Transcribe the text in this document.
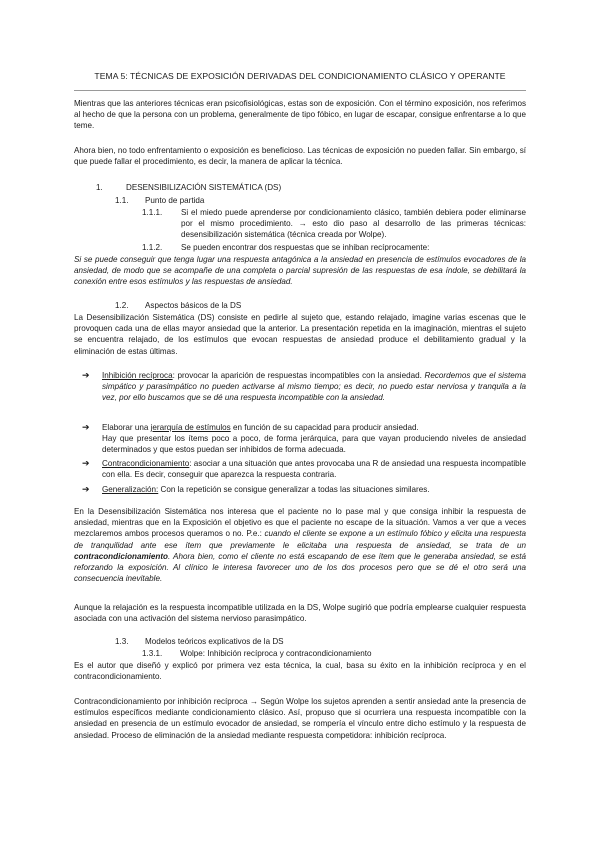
TEMA 5: TÉCNICAS DE EXPOSICIÓN DERIVADAS DEL CONDICIONAMIENTO CLÁSICO Y OPERANTE
Mientras que las anteriores técnicas eran psicofisiológicas, estas son de exposición. Con el término exposición, nos referimos al hecho de que la persona con un problema, generalmente de tipo fóbico, en lugar de escapar, consigue enfrentarse a lo que teme.
Ahora bien, no todo enfrentamiento o exposición es beneficioso. Las técnicas de exposición no pueden fallar. Sin embargo, sí que puede fallar el procedimiento, es decir, la manera de aplicar la técnica.
1.	DESENSIBILIZACIÓN SISTEMÁTICA (DS)
1.1. Punto de partida
1.1.1. Si el miedo puede aprenderse por condicionamiento clásico, también debiera poder eliminarse por el mismo procedimiento. → esto dio paso al desarrollo de las primeras técnicas: desensibilización sistemática (técnica creada por Wolpe).
1.1.2. Se pueden encontrar dos respuestas que se inhiban recíprocamente:
Si se puede conseguir que tenga lugar una respuesta antagónica a la ansiedad en presencia de estímulos evocadores de la ansiedad, de modo que se acompañe de una completa o parcial supresión de las respuestas de esa índole, se debilitará la conexión entre esos estímulos y las respuestas de ansiedad.
1.2. Aspectos básicos de la DS
La Desensibilización Sistemática (DS) consiste en pedirle al sujeto que, estando relajado, imagine varias escenas que le provoquen cada una de ellas mayor ansiedad que la anterior. La presentación repetida en la imaginación, mientras el sujeto se encuentra relajado, de los estímulos que evocan respuestas de ansiedad produce el debilitamiento gradual y la eliminación de estas últimas.
➔ Inhibición recíproca: provocar la aparición de respuestas incompatibles con la ansiedad. Recordemos que el sistema simpático y parasimpático no pueden activarse al mismo tiempo; es decir, no puedo estar nerviosa y tranquila a la vez, por ello buscamos que se dé una respuesta incompatible con la ansiedad.
➔ Elaborar una jerarquía de estímulos en función de su capacidad para producir ansiedad.
Hay que presentar los ítems poco a poco, de forma jerárquica, para que vayan produciendo niveles de ansiedad determinados y que estos puedan ser inhibidos de forma adecuada.
➔ Contracondicionamiento: asociar a una situación que antes provocaba una R de ansiedad una respuesta incompatible con ella. Es decir, conseguir que aparezca la respuesta contraria.
➔ Generalización: Con la repetición se consigue generalizar a todas las situaciones similares.
En la Desensibilización Sistemática nos interesa que el paciente no lo pase mal y que consiga inhibir la respuesta de ansiedad, mientras que en la Exposición el objetivo es que el paciente no escape de la situación. Vamos a ver que a veces mezclaremos ambos procesos queramos o no. P.e.: cuando el cliente se expone a un estímulo fóbico y elicita una respuesta de tranquilidad ante ese ítem que previamente le elicitaba una respuesta de ansiedad, se trata de un contracondicionamiento. Ahora bien, como el cliente no está escapando de ese ítem que le generaba ansiedad, se está reforzando la exposición. Al clínico le interesa favorecer uno de los dos procesos pero que se dé el otro será una consecuencia inevitable.
Aunque la relajación es la respuesta incompatible utilizada en la DS, Wolpe sugirió que podría emplearse cualquier respuesta asociada con una activación del sistema nervioso parasimpático.
1.3. Modelos teóricos explicativos de la DS
1.3.1. Wolpe: Inhibición recíproca y contracondicionamiento
Es el autor que diseñó y explicó por primera vez esta técnica, la cual, basa su éxito en la inhibición recíproca y en el contracondicionamiento.
Contracondicionamiento por inhibición recíproca → Según Wolpe los sujetos aprenden a sentir ansiedad ante la presencia de estímulos específicos mediante condicionamiento clásico. Así, propuso que si ocurriera una respuesta incompatible con la ansiedad en presencia de un estímulo evocador de ansiedad, se rompería el vínculo entre dicho estímulo y la respuesta de ansiedad. Proceso de eliminación de la ansiedad mediante respuesta competidora: inhibición recíproca.
